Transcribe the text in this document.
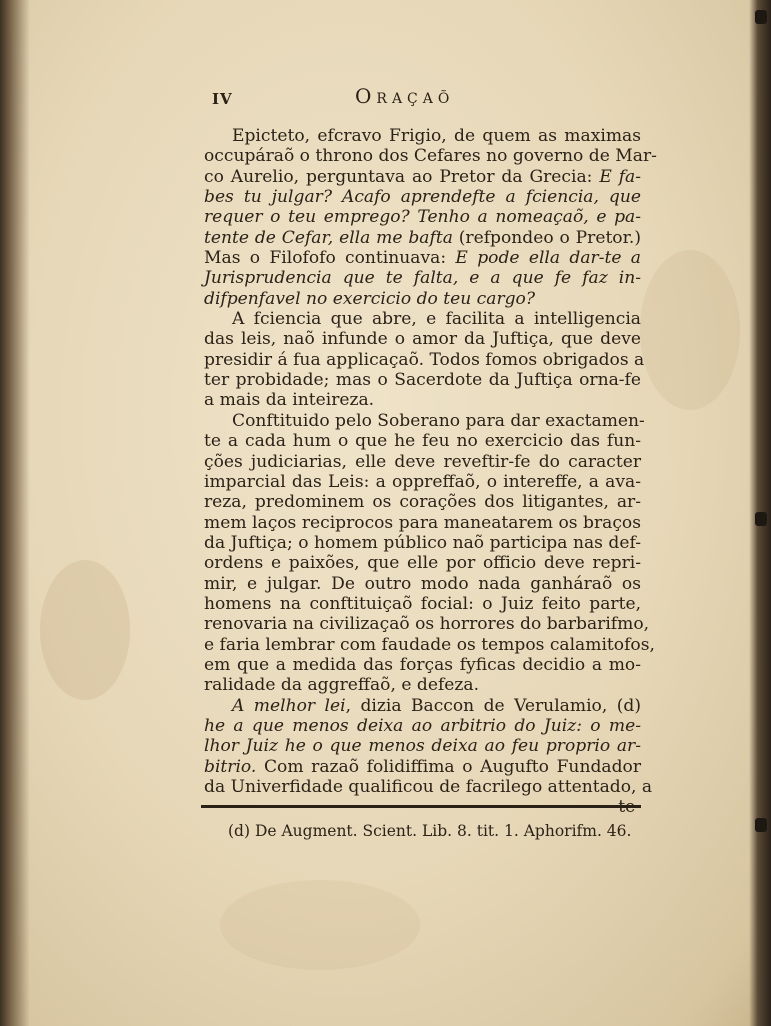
IV	Oraçaõ
Epicteto, efcravo Frigio, de quem as maximas
occupáraõ o throno dos Cefares no governo de Mar-
co Aurelio, perguntava ao Pretor da Grecia: E fa-
bes tu julgar? Acafo aprendefte a fciencia, que
requer o teu emprego? Tenho a nomeaçaõ, e pa-
tente de Cefar, ella me bafta (refpondeo o Pretor.)
Mas o Filofofo continuava: E pode ella dar-te a
Jurisprudencia que te falta, e a que fe faz in-
difpenfavel no exercicio do teu cargo?
A fciencia que abre, e facilita a intelligencia
das leis, naõ infunde o amor da Juftiça, que deve
presidir á fua applicaçaõ. Todos fomos obrigados a
ter probidade; mas o Sacerdote da Juftiça orna-fe
a mais da inteireza.
Conftituido pelo Soberano para dar exactamen-
te a cada hum o que he feu no exercicio das fun-
ções judiciarias, elle deve reveftir-fe do caracter
imparcial das Leis: a oppreffaõ, o intereffe, a ava-
reza, predominem os corações dos litigantes, ar-
mem laços reciprocos para maneatarem os braços
da Juftiça; o homem público naõ participa nas def-
ordens e paixões, que elle por officio deve repri-
mir, e julgar. De outro modo nada ganháraõ os
homens na conftituiçaõ focial: o Juiz feito parte,
renovaria na civilizaçaõ os horrores do barbarifmo,
e faria lembrar com faudade os tempos calamitofos,
em que a medida das forças fyficas decidio a mo-
ralidade da aggreffaõ, e defeza.
A melhor lei, dizia Baccon de Verulamio, (d)
he a que menos deixa ao arbitrio do Juiz: o me-
lhor Juiz he o que menos deixa ao feu proprio ar-
bitrio. Com razaõ folidiffima o Augufto Fundador
da Univerfidade qualificou de facrilego attentado, a
(d) De Augment. Scient. Lib. 8. tit. 1. Aphorifm. 46.
